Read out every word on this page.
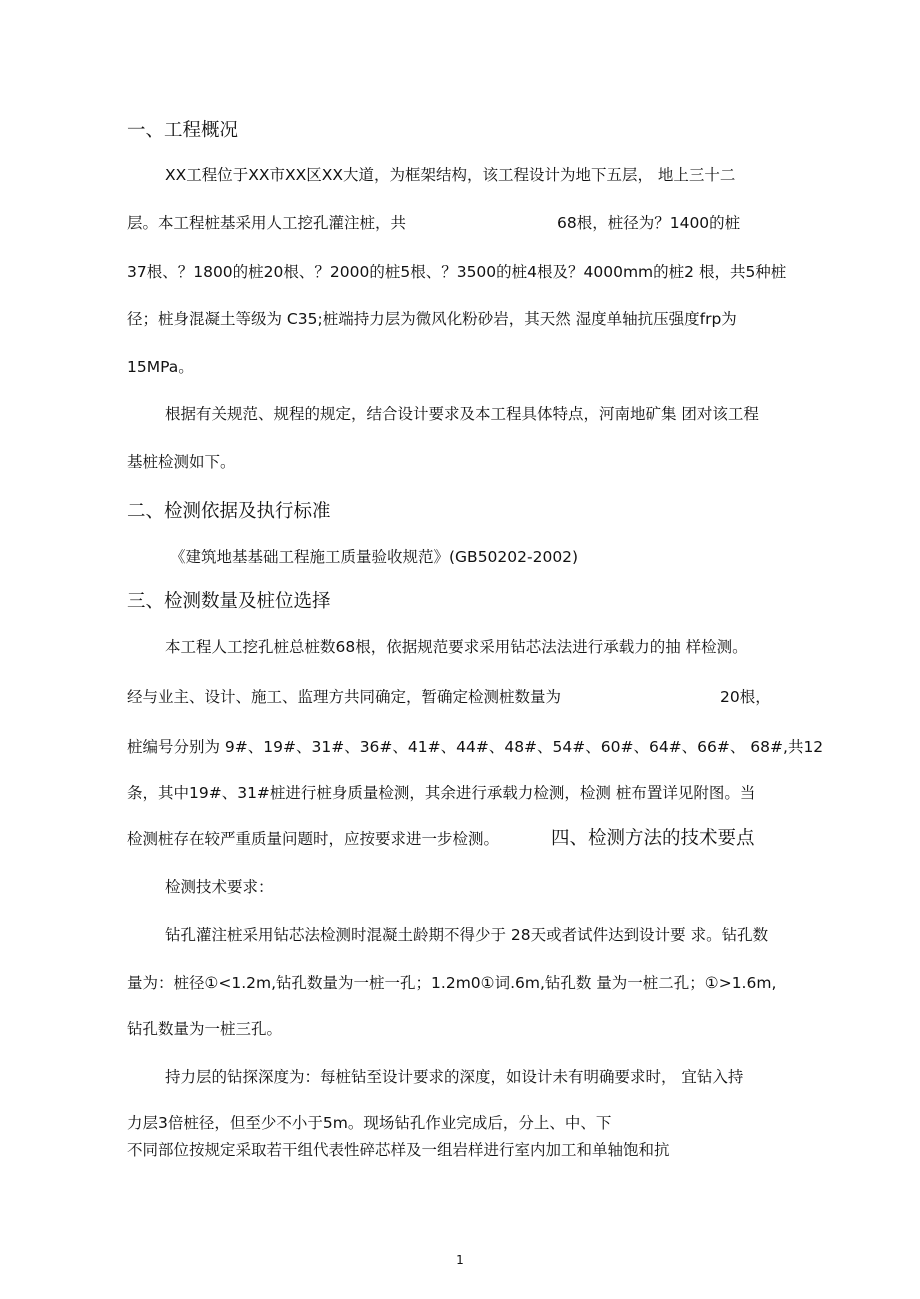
一、工程概况
XX工程位于XX市XX区XX大道，为框架结构，该工程设计为地下五层， 地上三十二
层。本工程桩基采用人工挖孔灌注桩，共	68根，桩径为？1400的桩
37根、？1800的桩20根、？2000的桩5根、？3500的桩4根及？4000mm的桩2 根，共5种桩
径；桩身混凝土等级为 C35;桩端持力层为微风化粉砂岩，其天然 湿度单轴抗压强度frp为
15MPa。
根据有关规范、规程的规定，结合设计要求及本工程具体特点，河南地矿集 团对该工程
基桩检测如下。
二、检测依据及执行标准
《建筑地基基础工程施工质量验收规范》(GB50202-2002)
三、检测数量及桩位选择
本工程人工挖孔桩总桩数68根，依据规范要求采用钻芯法法进行承载力的抽 样检测。
经与业主、设计、施工、监理方共同确定，暂确定检测桩数量为	20根，
桩编号分别为 9#、19#、31#、36#、41#、44#、48#、54#、60#、64#、66#、 68#,共12
条，其中19#、31#桩进行桩身质量检测，其余进行承载力检测，检测 桩布置详见附图。当
检测桩存在较严重质量问题时，应按要求进一步检测。	四、检测方法的技术要点
检测技术要求：
钻孔灌注桩采用钻芯法检测时混凝土龄期不得少于 28天或者试件达到设计要 求。钻孔数
量为：桩径①<1.2m,钻孔数量为一桩一孔；1.2m0①词.6m,钻孔数 量为一桩二孔；①>1.6m,
钻孔数量为一桩三孔。
持力层的钻探深度为：每桩钻至设计要求的深度，如设计未有明确要求时， 宜钻入持
力层3倍桩径，但至少不小于5m。现场钻孔作业完成后，分上、中、下
不同部位按规定采取若干组代表性碎芯样及一组岩样进行室内加工和单轴饱和抗
1
